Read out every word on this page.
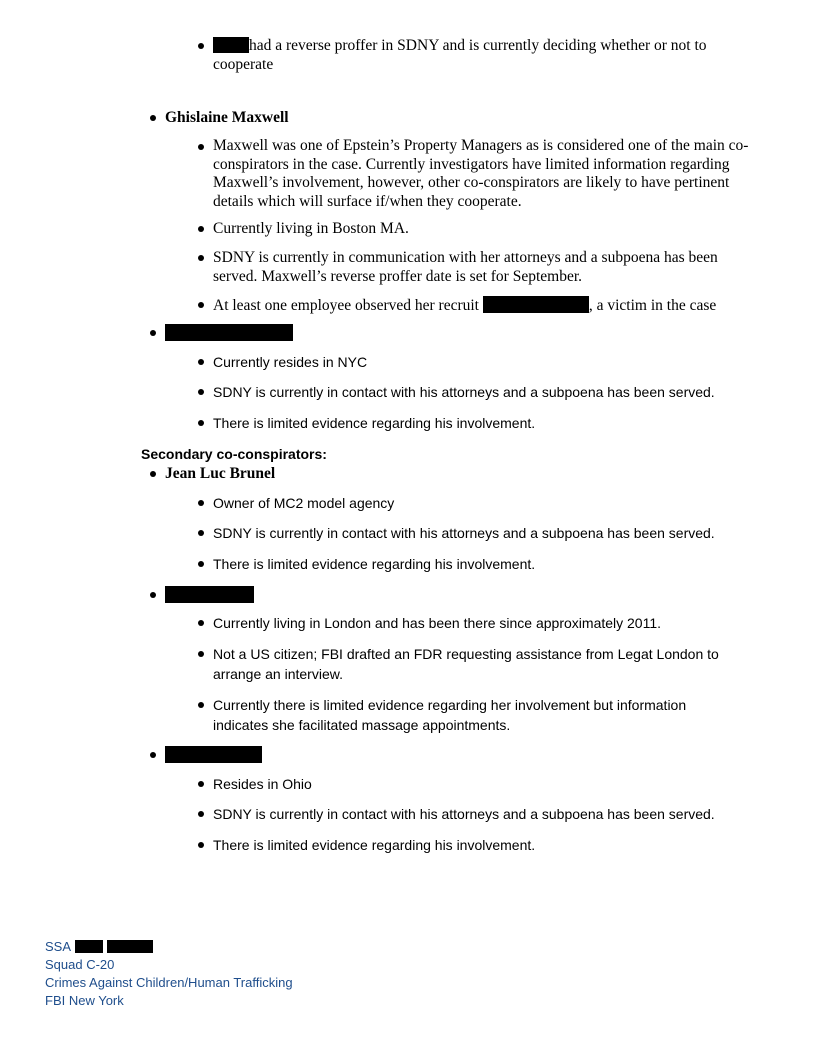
had a reverse proffer in SDNY and is currently deciding whether or not to cooperate
Ghislaine Maxwell
Maxwell was one of Epstein’s Property Managers as is considered one of the main co-conspirators in the case. Currently investigators have limited information regarding Maxwell’s involvement, however, other co-conspirators are likely to have pertinent details which will surface if/when they cooperate.
Currently living in Boston MA.
SDNY is currently in communication with her attorneys and a subpoena has been served. Maxwell’s reverse proffer date is set for September.
At least one employee observed her recruit	, a victim in the case
Currently resides in NYC
SDNY is currently in contact with his attorneys and a subpoena has been served.
There is limited evidence regarding his involvement.
Secondary co-conspirators:
Jean Luc Brunel
Owner of MC2 model agency
SDNY is currently in contact with his attorneys and a subpoena has been served.
There is limited evidence regarding his involvement.
Currently living in London and has been there since approximately 2011.
Not a US citizen; FBI drafted an FDR requesting assistance from Legat London to arrange an interview.
Currently there is limited evidence regarding her involvement but information indicates she facilitated massage appointments.
Resides in Ohio
SDNY is currently in contact with his attorneys and a subpoena has been served.
There is limited evidence regarding his involvement.
SSA
Squad C-20
Crimes Against Children/Human Trafficking
FBI New York
